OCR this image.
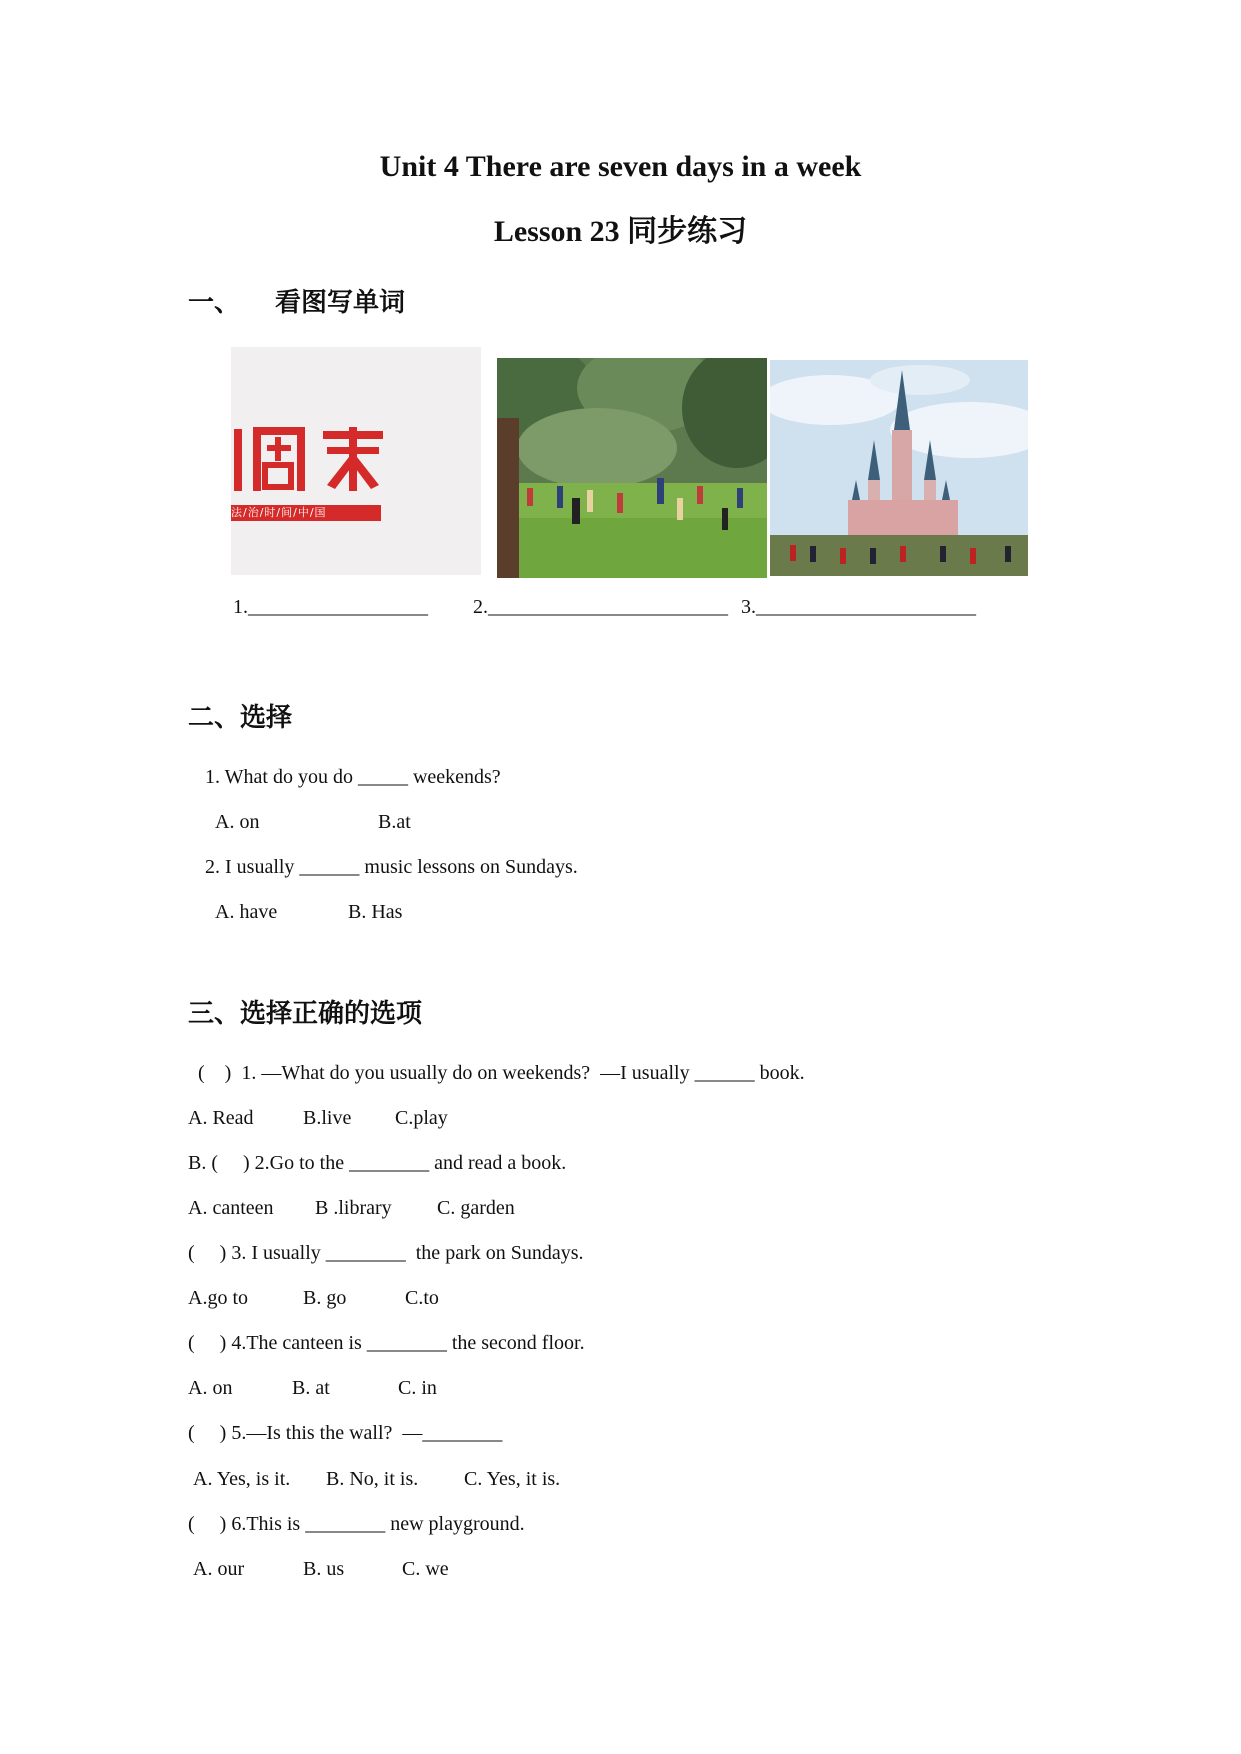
Unit 4 There are seven days in a week
Lesson 23 同步练习
一、 看图写单词
法/治/时/间/中/国
1.__________________ 2.________________________ 3.______________________
二、选择
1. What do you do _____ weekends?
A. on	B.at
2. I usually ______ music lessons on Sundays.
A. have	B. Has
三、选择正确的选项
(    )  1. —What do you usually do on weekends?  —I usually ______ book.
A. Read B.live C.play
B. (     ) 2.Go to the ________ and read a book.
A. canteen B .library C. garden
(     ) 3. I usually ________  the park on Sundays.
A.go to	B. go	C.to
(     ) 4.The canteen is ________ the second floor.
A. on	B. at	C. in
(     ) 5.—Is this the wall?  —________
A. Yes, is it. B. No, it is. C. Yes, it is.
(     ) 6.This is ________ new playground.
A. our	B. us	C. we
